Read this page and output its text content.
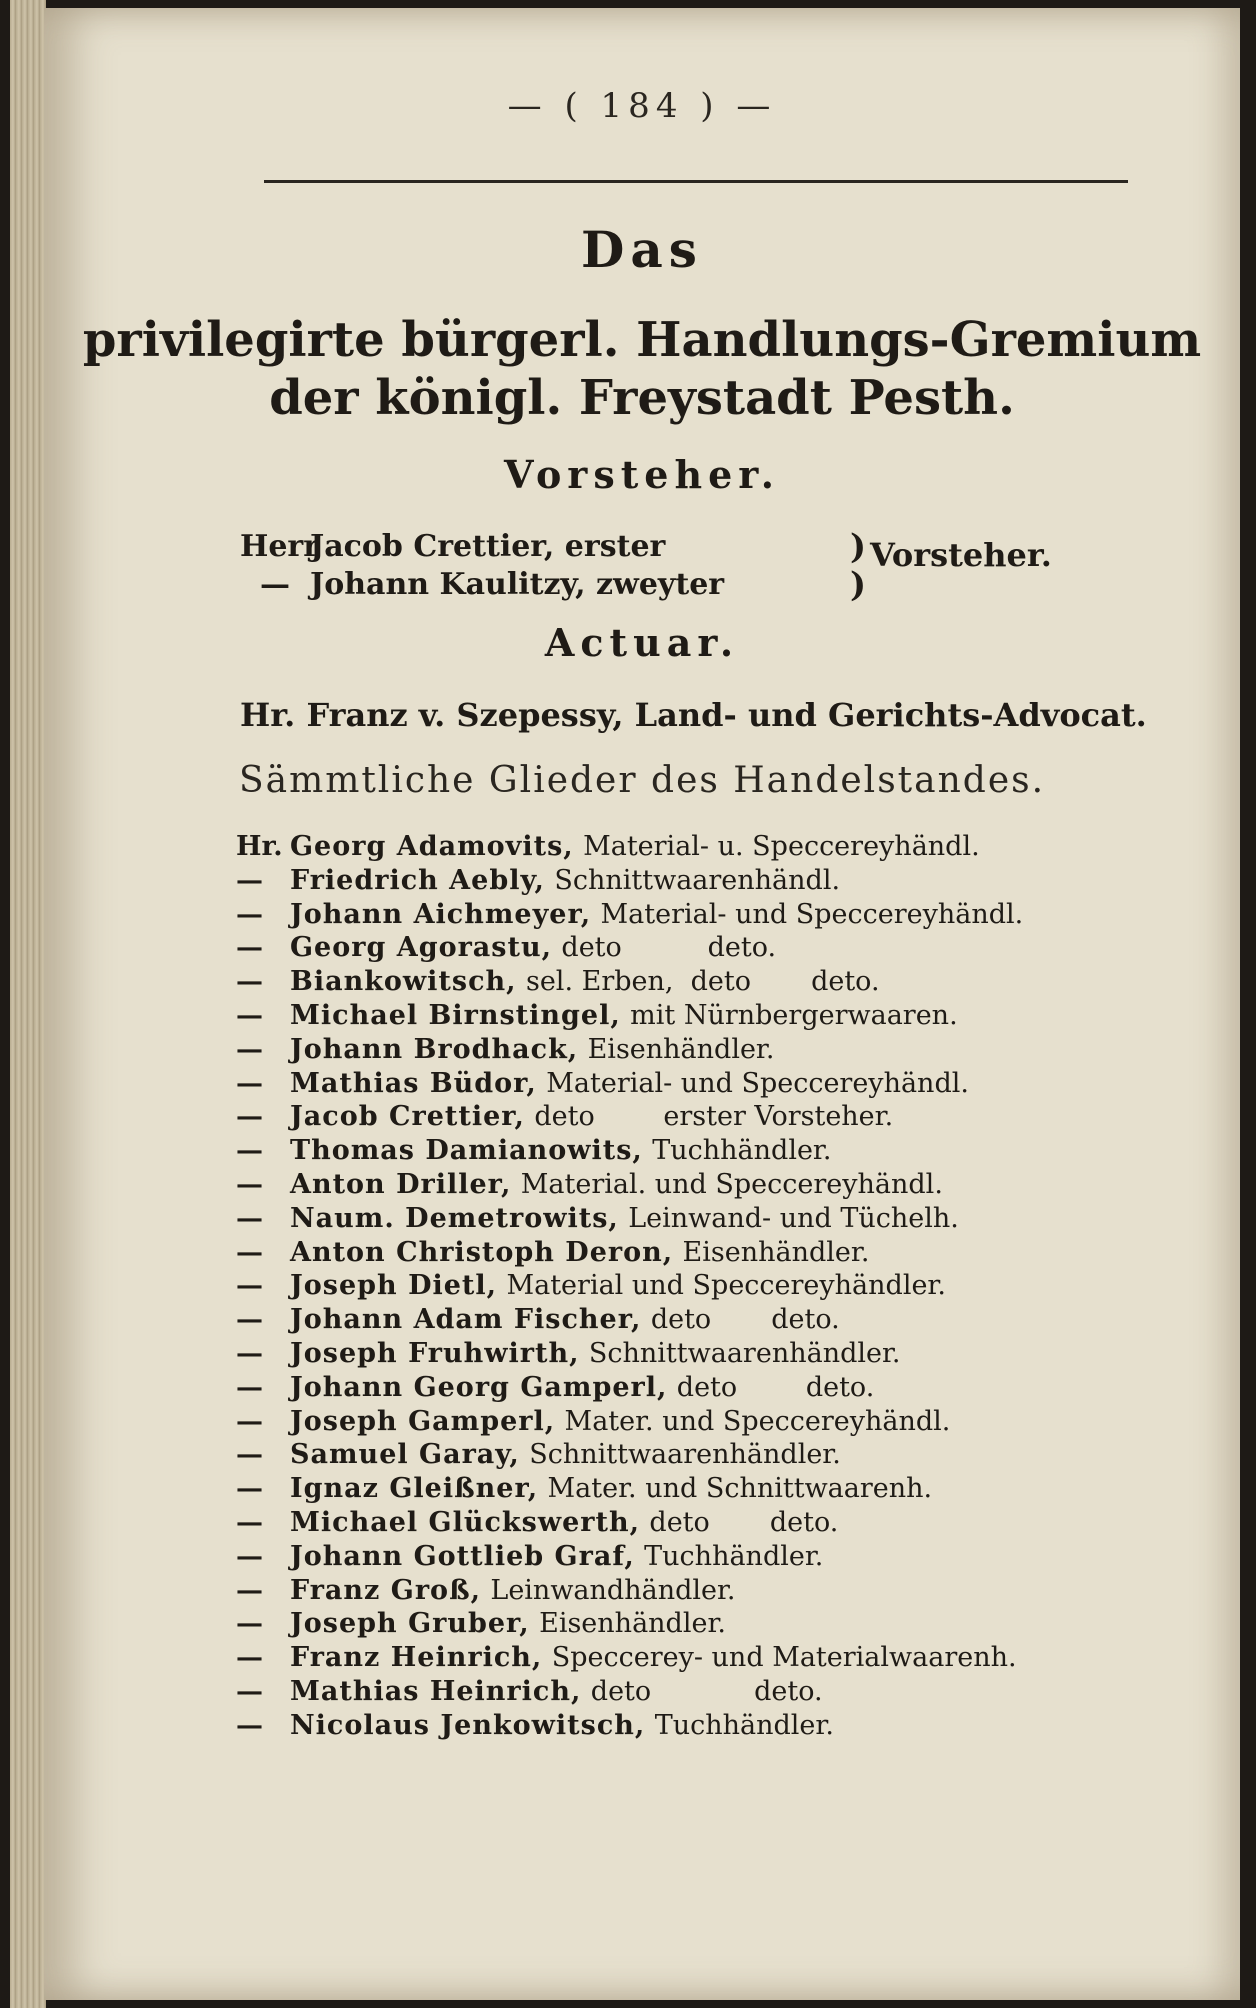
— ( 184 ) —
Das
privilegirte bürgerl. Handlungs-Gremium
der königl. Freystadt Pesth.
Vorsteher.
HerrJacob Crettier, erster
— Johann Kaulitzy, zweyter
)
)
Vorsteher.
Actuar.
Hr. Franz v. Szepessy, Land- und Gerichts-Advocat.
Sämmtliche Glieder des Handelstandes.
Hr. Georg Adamovits, Material- u. Speccereyhändl.
— Friedrich Aebly, Schnittwaarenhändl.
— Johann Aichmeyer, Material- und Speccereyhändl.
— Georg Agorastu, deto          deto.
— Biankowitsch, sel. Erben,  deto       deto.
— Michael Birnstingel, mit Nürnbergerwaaren.
— Johann Brodhack, Eisenhändler.
— Mathias Büdor, Material- und Speccereyhändl.
— Jacob Crettier, deto        erster Vorsteher.
— Thomas Damianowits, Tuchhändler.
— Anton Driller, Material. und Speccereyhändl.
— Naum. Demetrowits, Leinwand- und Tüchelh.
— Anton Christoph Deron, Eisenhändler.
— Joseph Dietl, Material und Speccereyhändler.
— Johann Adam Fischer, deto       deto.
— Joseph Fruhwirth, Schnittwaarenhändler.
— Johann Georg Gamperl, deto        deto.
— Joseph Gamperl, Mater. und Speccereyhändl.
— Samuel Garay, Schnittwaarenhändler.
— Ignaz Gleißner, Mater. und Schnittwaarenh.
— Michael Glückswerth, deto       deto.
— Johann Gottlieb Graf, Tuchhändler.
— Franz Groß, Leinwandhändler.
— Joseph Gruber, Eisenhändler.
— Franz Heinrich, Speccerey- und Materialwaarenh.
— Mathias Heinrich, deto            deto.
— Nicolaus Jenkowitsch, Tuchhändler.
